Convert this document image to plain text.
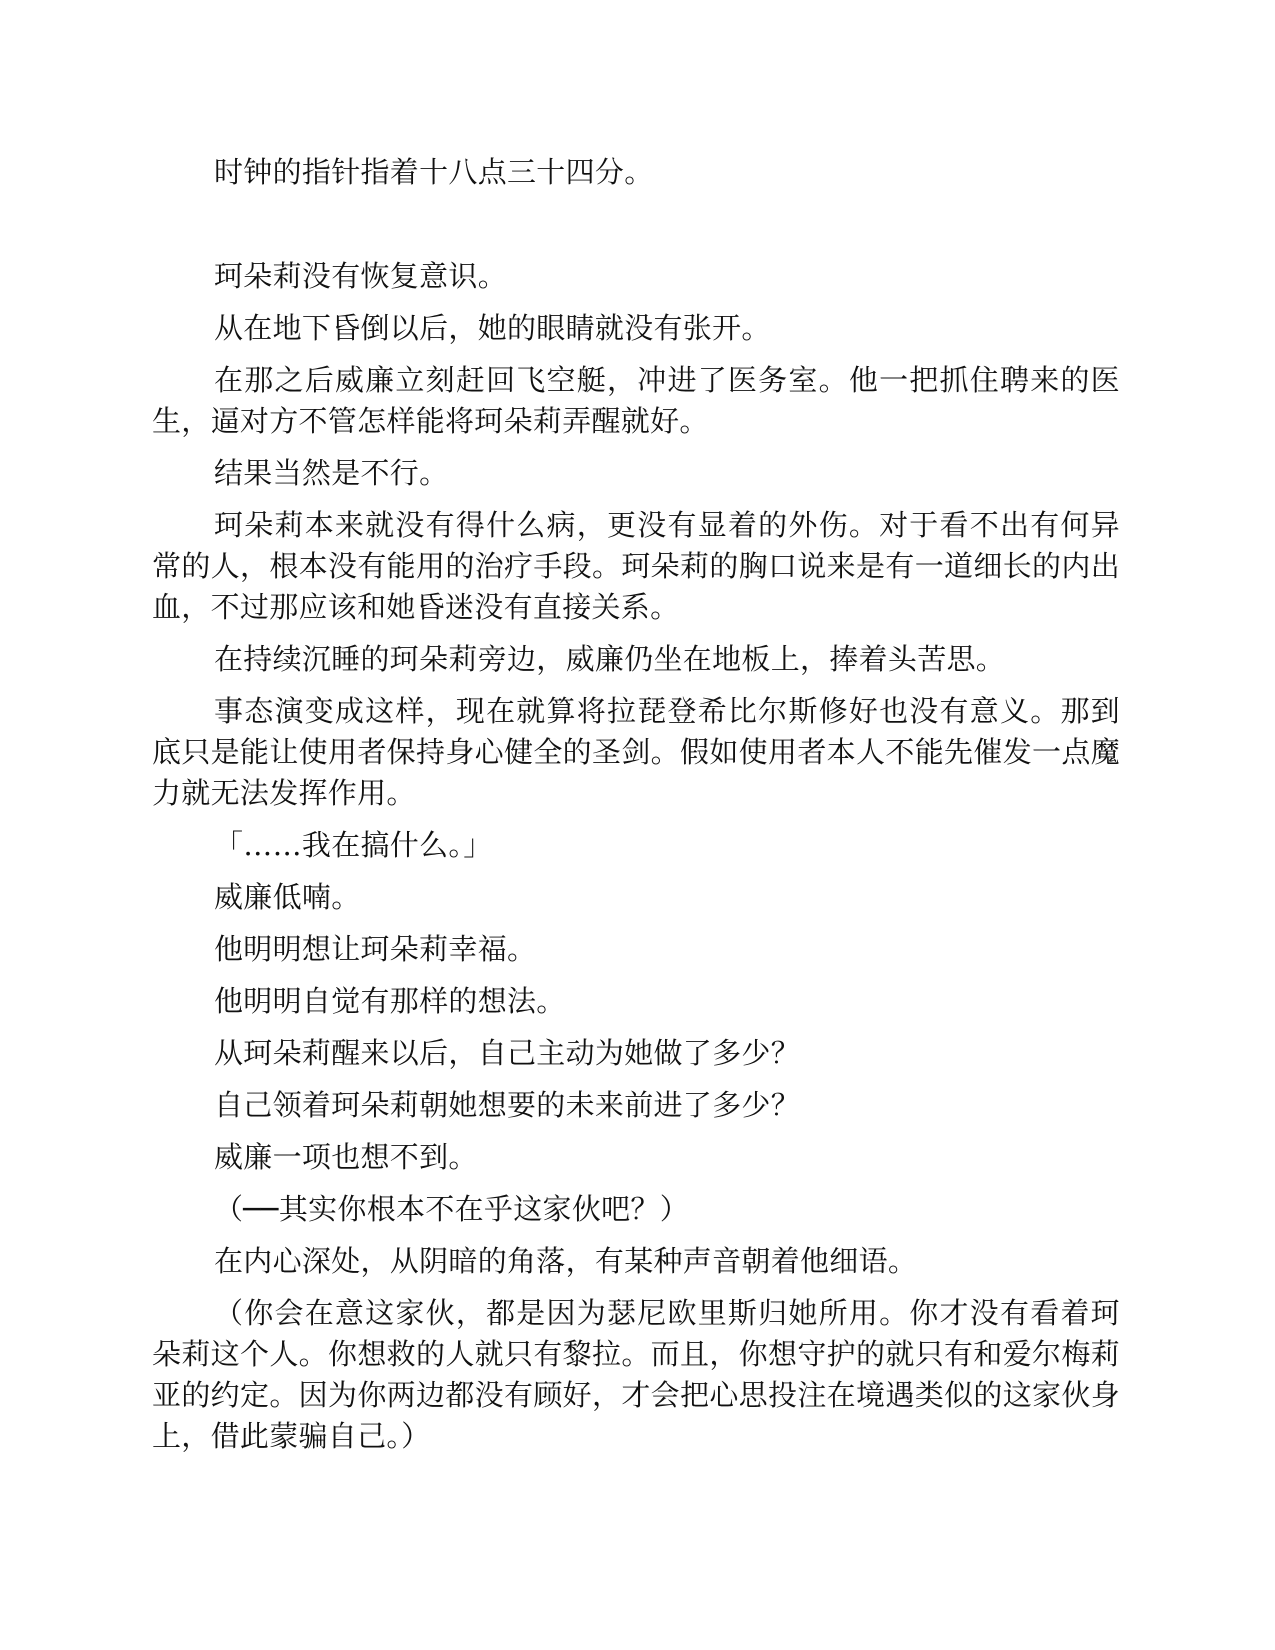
时钟的指针指着十八点三十四分。

珂朵莉没有恢复意识。

从在地下昏倒以后，她的眼睛就没有张开。

在那之后威廉立刻赶回飞空艇，冲进了医务室。他一把抓住聘来的医生，逼对方不管怎样能将珂朵莉弄醒就好。

结果当然是不行。

珂朵莉本来就没有得什么病，更没有显着的外伤。对于看不出有何异常的人，根本没有能用的治疗手段。珂朵莉的胸口说来是有一道细长的内出血，不过那应该和她昏迷没有直接关系。

在持续沉睡的珂朵莉旁边，威廉仍坐在地板上，捧着头苦思。

事态演变成这样，现在就算将拉琵登希比尔斯修好也没有意义。那到底只是能让使用者保持身心健全的圣剑。假如使用者本人不能先催发一点魔力就无法发挥作用。

「……我在搞什么。」

威廉低喃。

他明明想让珂朵莉幸福。

他明明自觉有那样的想法。

从珂朵莉醒来以后，自己主动为她做了多少？

自己领着珂朵莉朝她想要的未来前进了多少？

威廉一项也想不到。

（──其实你根本不在乎这家伙吧？）

在内心深处，从阴暗的角落，有某种声音朝着他细语。

（你会在意这家伙，都是因为瑟尼欧里斯归她所用。你才没有看着珂朵莉这个人。你想救的人就只有黎拉。而且，你想守护的就只有和爱尔梅莉亚的约定。因为你两边都没有顾好，才会把心思投注在境遇类似的这家伙身上，借此蒙骗自己。）
